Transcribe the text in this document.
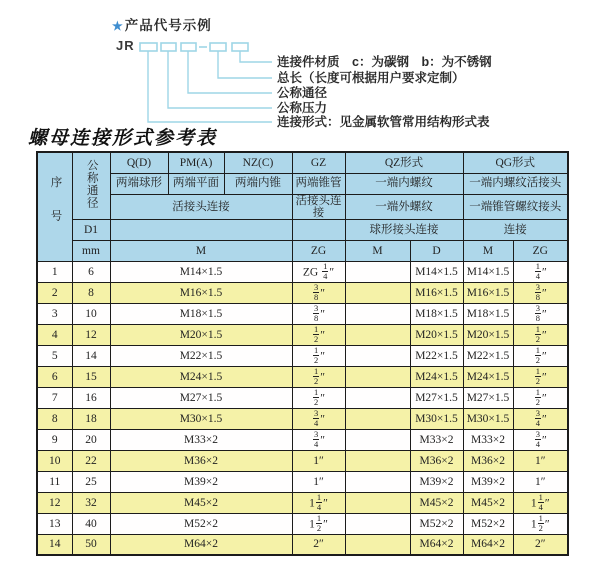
★产品代号示例
JR
连接件材质　c：为碳钢　b：为不锈钢
总长（长度可根据用户要求定制）
公称通径
公称压力
连接形式：见金属软管常用结构形式表
螺母连接形式参考表
序号	公称通径	Q(D)	PM(A)	NZ(C)	GZ	QZ形式		QG形式	
		两端球形	两端平面	两端内锥	两端锥管	一端内螺纹		一端内螺纹活接头	
		活接头连接			活接头连接	一端外螺纹		一端锥管螺纹接头	
	D1					球形接头连接		连接	
	mm	M			ZG	M	D	M	ZG
1	6	M14×1.5			ZG $\frac{1}{4}''$		M14×1.5	M14×1.5	$\frac{1}{4}''$
2	8	M16×1.5			$\frac{3}{8}''$		M16×1.5	M16×1.5	$\frac{3}{8}''$
3	10	M18×1.5			$\frac{3}{8}''$		M18×1.5	M18×1.5	$\frac{3}{8}''$
4	12	M20×1.5			$\frac{1}{2}''$		M20×1.5	M20×1.5	$\frac{1}{2}''$
5	14	M22×1.5			$\frac{1}{2}''$		M22×1.5	M22×1.5	$\frac{1}{2}''$
6	15	M24×1.5			$\frac{1}{2}''$		M24×1.5	M24×1.5	$\frac{1}{2}''$
7	16	M27×1.5			$\frac{1}{2}''$		M27×1.5	M27×1.5	$\frac{1}{2}''$
8	18	M30×1.5			$\frac{3}{4}''$		M30×1.5	M30×1.5	$\frac{3}{4}''$
9	20	M33×2			$\frac{3}{4}''$		M33×2	M33×2	$\frac{3}{4}''$
10	22	M36×2			1″		M36×2	M36×2	1″
11	25	M39×2			1″		M39×2	M39×2	1″
12	32	M45×2			$1 \frac{1}{4}''$		M45×2	M45×2	$1 \frac{1}{4}''$
13	40	M52×2			$1 \frac{1}{2}''$		M52×2	M52×2	$1 \frac{1}{2}''$
14	50	M64×2			2″		M64×2	M64×2	2″
